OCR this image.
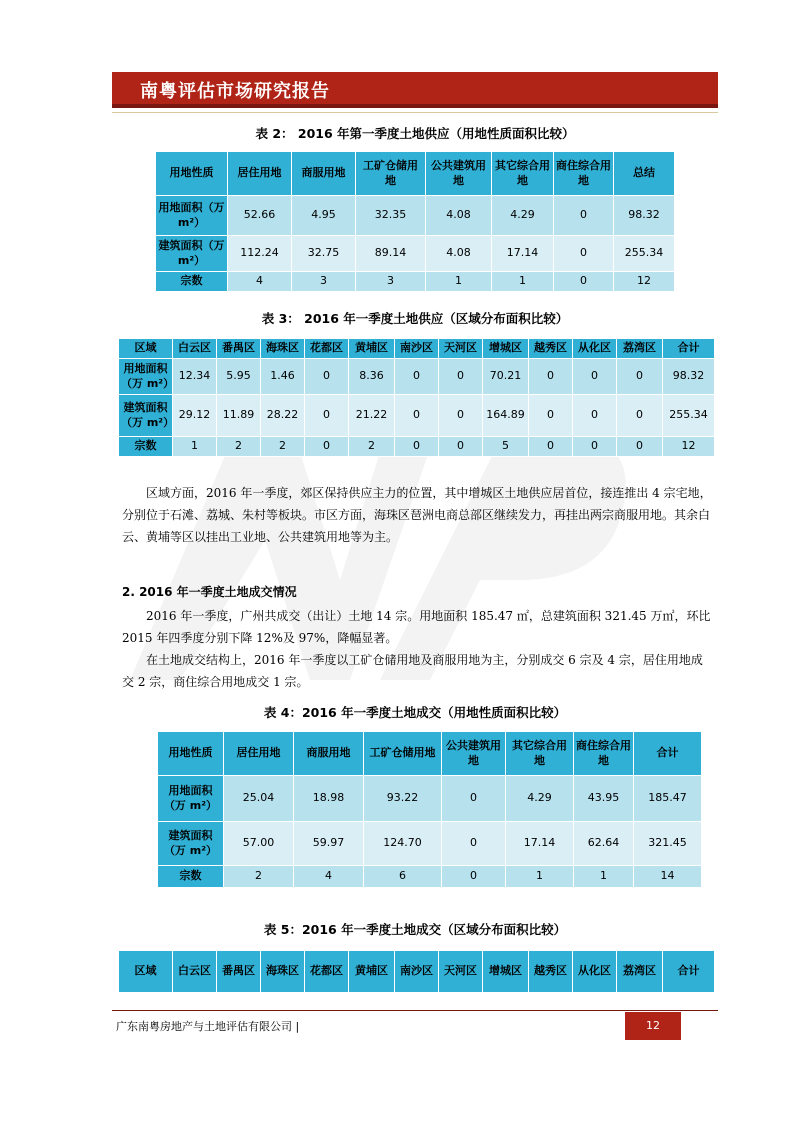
南粤评估市场研究报告
表 2： 2016 年第一季度土地供应（用地性质面积比较）
用地性质	居住用地	商服用地	工矿仓储用地	公共建筑用地	其它综合用地	商住综合用地	总结
用地面积（万 m²）	52.66	4.95	32.35	4.08	4.29	0	98.32
建筑面积（万 m²）	112.24	32.75	89.14	4.08	17.14	0	255.34
宗数	4	3	3	1	1	0	12
表 3： 2016 年一季度土地供应（区域分布面积比较）
区域	白云区	番禺区	海珠区	花都区	黄埔区	南沙区	天河区	增城区	越秀区	从化区	荔湾区	合计
用地面积（万 m²）	12.34	5.95	1.46	0	8.36	0	0	70.21	0	0	0	98.32
建筑面积（万 m²）	29.12	11.89	28.22	0	21.22	0	0	164.89	0	0	0	255.34
宗数	1	2	2	0	2	0	0	5	0	0	0	12
区域方面，2016 年一季度，郊区保持供应主力的位置，其中增城区土地供应居首位，接连推出 4 宗宅地，分别位于石滩、荔城、朱村等板块。市区方面，海珠区琶洲电商总部区继续发力，再挂出两宗商服用地。其余白云、黄埔等区以挂出工业地、公共建筑用地等为主。
2. 2016 年一季度土地成交情况
2016 年一季度，广州共成交（出让）土地 14 宗。用地面积 185.47 ㎡，总建筑面积 321.45 万㎡，环比 2015 年四季度分别下降 12%及 97%，降幅显著。
在土地成交结构上，2016 年一季度以工矿仓储用地及商服用地为主，分别成交 6 宗及 4 宗，居住用地成交 2 宗，商住综合用地成交 1 宗。
表 4：2016 年一季度土地成交（用地性质面积比较）
用地性质	居住用地	商服用地	工矿仓储用地	公共建筑用地	其它综合用地	商住综合用地	合计
用地面积（万 m²）	25.04	18.98	93.22	0	4.29	43.95	185.47
建筑面积（万 m²）	57.00	59.97	124.70	0	17.14	62.64	321.45
宗数	2	4	6	0	1	1	14
表 5：2016 年一季度土地成交（区域分布面积比较）
区域	白云区	番禺区	海珠区	花都区	黄埔区	南沙区	天河区	增城区	越秀区	从化区	荔湾区	合计
广东南粤房地产与土地评估有限公司 |	12
